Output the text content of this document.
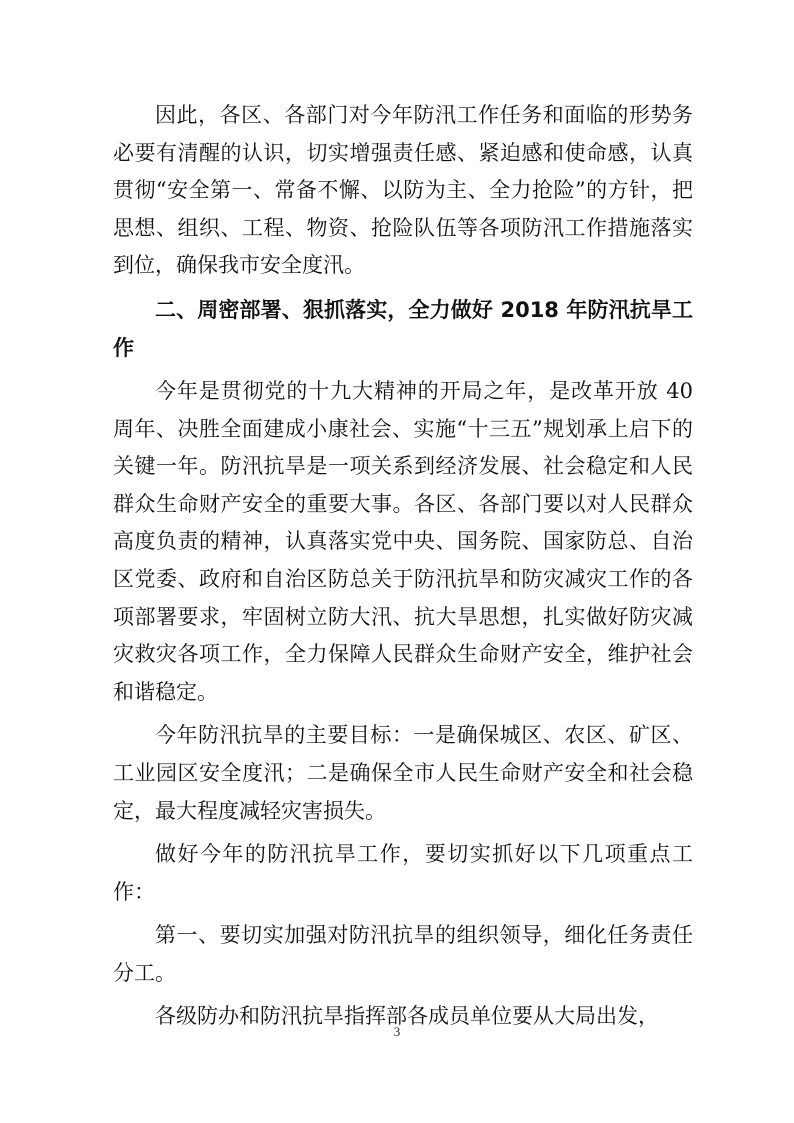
因此，各区、各部门对今年防汛工作任务和面临的形势务必要有清醒的认识，切实增强责任感、紧迫感和使命感，认真贯彻“安全第一、常备不懈、以防为主、全力抢险”的方针，把思想、组织、工程、物资、抢险队伍等各项防汛工作措施落实到位，确保我市安全度汛。

二、周密部署、狠抓落实，全力做好 2018 年防汛抗旱工作

今年是贯彻党的十九大精神的开局之年，是改革开放 40 周年、决胜全面建成小康社会、实施“十三五”规划承上启下的关键一年。防汛抗旱是一项关系到经济发展、社会稳定和人民群众生命财产安全的重要大事。各区、各部门要以对人民群众高度负责的精神，认真落实党中央、国务院、国家防总、自治区党委、政府和自治区防总关于防汛抗旱和防灾减灾工作的各项部署要求，牢固树立防大汛、抗大旱思想，扎实做好防灾减灾救灾各项工作，全力保障人民群众生命财产安全，维护社会和谐稳定。

今年防汛抗旱的主要目标：一是确保城区、农区、矿区、工业园区安全度汛；二是确保全市人民生命财产安全和社会稳定，最大程度减轻灾害损失。

做好今年的防汛抗旱工作，要切实抓好以下几项重点工作：

第一、要切实加强对防汛抗旱的组织领导，细化任务责任分工。

各级防办和防汛抗旱指挥部各成员单位要从大局出发，

3
